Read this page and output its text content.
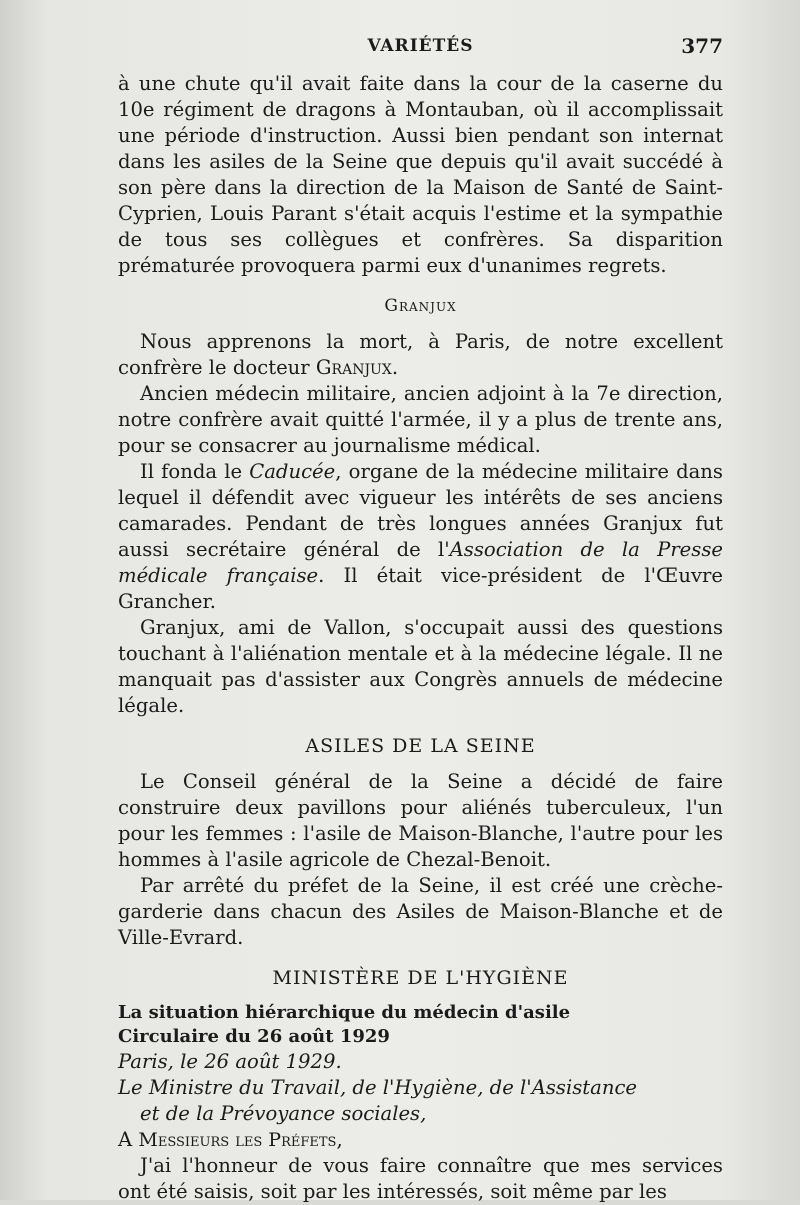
VARIÉTÉS	377

à une chute qu'il avait faite dans la cour de la caserne du 10e régiment de dragons à Montauban, où il accomplissait une période d'instruction. Aussi bien pendant son internat dans les asiles de la Seine que depuis qu'il avait succédé à son père dans la direction de la Maison de Santé de Saint-Cyprien, Louis Parant s'était acquis l'estime et la sympathie de tous ses collègues et confrères. Sa disparition prématurée provoquera parmi eux d'unanimes regrets.

Granjux

Nous apprenons la mort, à Paris, de notre excellent confrère le docteur Granjux.

Ancien médecin militaire, ancien adjoint à la 7e direction, notre confrère avait quitté l'armée, il y a plus de trente ans, pour se consacrer au journalisme médical.

Il fonda le Caducée, organe de la médecine militaire dans lequel il défendit avec vigueur les intérêts de ses anciens camarades. Pendant de très longues années Granjux fut aussi secrétaire général de l'Association de la Presse médicale française. Il était vice-président de l'Œuvre Grancher.

Granjux, ami de Vallon, s'occupait aussi des questions touchant à l'aliénation mentale et à la médecine légale. Il ne manquait pas d'assister aux Congrès annuels de médecine légale.

ASILES DE LA SEINE

Le Conseil général de la Seine a décidé de faire construire deux pavillons pour aliénés tuberculeux, l'un pour les femmes : l'asile de Maison-Blanche, l'autre pour les hommes à l'asile agricole de Chezal-Benoit.

Par arrêté du préfet de la Seine, il est créé une crèche-garderie dans chacun des Asiles de Maison-Blanche et de Ville-Evrard.

MINISTÈRE DE L'HYGIÈNE

La situation hiérarchique du médecin d'asile

Circulaire du 26 août 1929

Paris, le 26 août 1929.

Le Ministre du Travail, de l'Hygiène, de l'Assistance
et de la Prévoyance sociales,

A Messieurs les Préfets,

J'ai l'honneur de vous faire connaître que mes services ont été saisis, soit par les intéressés, soit même par les
